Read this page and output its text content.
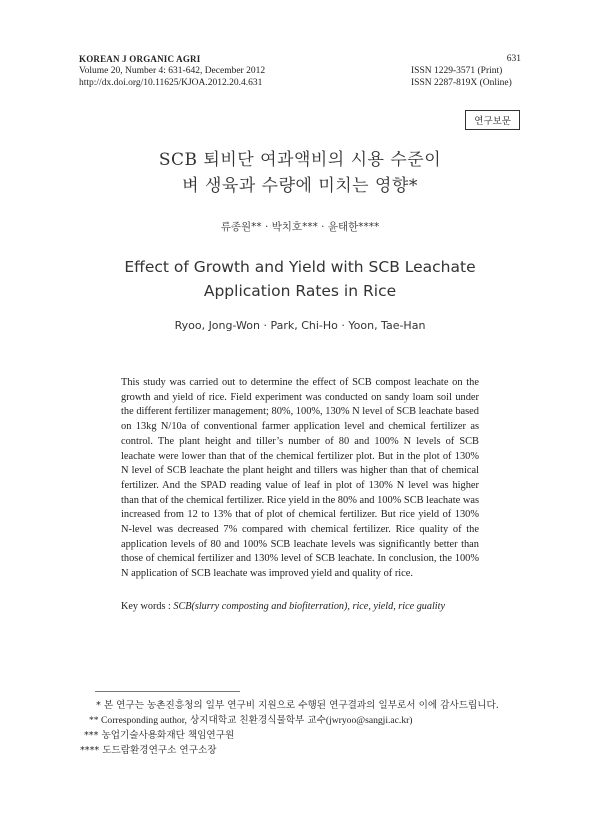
KOREAN J ORGANIC AGRI
Volume 20, Number 4: 631-642, December 2012
http://dx.doi.org/10.11625/KJOA.2012.20.4.631
631
ISSN 1229-3571 (Print)
ISSN 2287-819X (Online)
연구보문
SCB 퇴비단 여과액비의 시용 수준이
벼 생육과 수량에 미치는 영향*
류종원** · 박치호*** · 윤태한****
Effect of Growth and Yield with SCB Leachate
Application Rates in Rice
Ryoo, Jong-Won · Park, Chi-Ho · Yoon, Tae-Han
This study was carried out to determine the effect of SCB compost leachate on the growth and yield of rice. Field experiment was conducted on sandy loam soil under the different fertilizer management; 80%, 100%, 130% N level of SCB leachate based on 13kg N/10a of conventional farmer application level and chemical fertilizer as control. The plant height and tiller’s number of 80 and 100% N levels of SCB leachate were lower than that of the chemical fertilizer plot. But in the plot of 130% N level of SCB leachate the plant height and tillers was higher than that of chemical fertilizer. And the SPAD reading value of leaf in plot of 130% N level was higher than that of the chemical fertilizer. Rice yield in the 80% and 100% SCB leachate was increased from 12 to 13% that of plot of chemical fertilizer. But rice yield of 130% N-level was decreased 7% compared with chemical fertilizer. Rice quality of the application levels of 80 and 100% SCB leachate levels was significantly better than those of chemical fertilizer and 130% level of SCB leachate. In conclusion, the 100% N application of SCB leachate was improved yield and quality of rice.
Key words : SCB(slurry composting and biofiterration), rice, yield, rice guality
* 본 연구는 농촌진흥청의 일부 연구비 지원으로 수행된 연구결과의 일부로서 이에 감사드립니다.
** Corresponding author, 상지대학교 친환경식물학부 교수(jwryoo@sangji.ac.kr)
*** 농업기술사용화재단 책임연구원
**** 도드람환경연구소 연구소장
